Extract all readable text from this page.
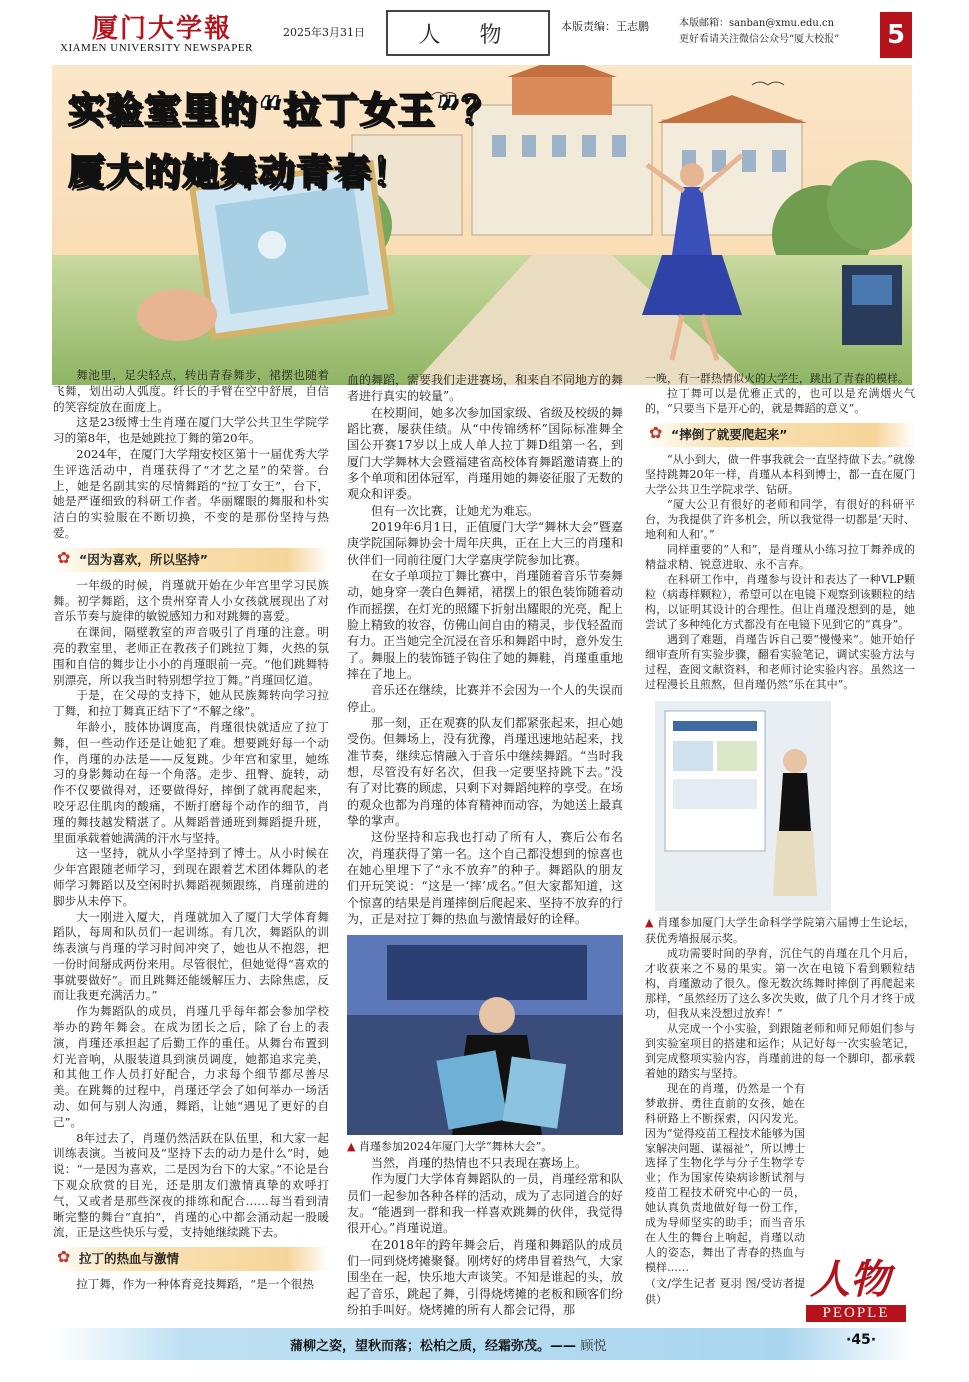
厦门大学報
XIAMEN UNIVERSITY NEWSPAPER
2025年3月31日	人 物	本版责编：王志鹏	本版邮箱：sanban@xmu.edu.cn
更好看请关注微信公众号“厦大校报” 5
实验室里的“拉丁女王”？
厦大的她舞动青春！

舞池里，足尖轻点，转出青春舞步，裙摆也随着飞舞，划出动人弧度。纤长的手臂在空中舒展，自信的笑容绽放在面庞上。

这是23级博士生肖瑾在厦门大学公共卫生学院学习的第8年，也是她跳拉丁舞的第20年。

2024年，在厦门大学翔安校区第十一届优秀大学生评选活动中，肖瑾获得了“才艺之星”的荣誉。台上，她是名副其实的尽情舞蹈的“拉丁女王”，台下，她是严谨细致的科研工作者。华丽耀眼的舞服和朴实洁白的实验服在不断切换，不变的是那份坚持与热爱。

✿ “因为喜欢，所以坚持”

一年级的时候，肖瑾就开始在少年宫里学习民族舞。初学舞蹈，这个贵州穿青人小女孩就展现出了对音乐节奏与旋律的敏锐感知力和对跳舞的喜爱。

在课间，隔壁教室的声音吸引了肖瑾的注意。明亮的教室里，老师正在教孩子们跳拉丁舞，火热的氛围和自信的舞步让小小的肖瑾眼前一亮。“他们跳舞特别漂亮，所以我当时特别想学拉丁舞。”肖瑾回忆道。

于是，在父母的支持下，她从民族舞转向学习拉丁舞，和拉丁舞真正结下了“不解之缘”。

年龄小，肢体协调度高，肖瑾很快就适应了拉丁舞，但一些动作还是让她犯了难。想要跳好每一个动作，肖瑾的办法是——反复跳。少年宫和家里，她练习的身影舞动在每一个角落。走步、扭臀、旋转，动作不仅要做得对，还要做得好，摔倒了就再爬起来，咬牙忍住肌肉的酸痛，不断打磨每个动作的细节，肖瑾的舞技越发精湛了。从舞蹈普通班到舞蹈提升班，里面承载着她满满的汗水与坚持。

这一坚持，就从小学坚持到了博士。从小时候在少年宫跟随老师学习，到现在跟着艺术团体舞队的老师学习舞蹈以及空闲时扒舞蹈视频跟练，肖瑾前进的脚步从未停下。

大一刚进入厦大，肖瑾就加入了厦门大学体育舞蹈队，每周和队员们一起训练。有几次，舞蹈队的训练表演与肖瑾的学习时间冲突了，她也从不抱怨，把一份时间掰成两份来用。尽管很忙，但她觉得“喜欢的事就要做好”。而且跳舞还能缓解压力、去除焦虑，反而让我更充满活力。”

作为舞蹈队的成员，肖瑾几乎每年都会参加学校举办的跨年舞会。在成为团长之后，除了台上的表演，肖瑾还承担起了后勤工作的重任。从舞台布置到灯光音响，从服装道具到演员调度，她都追求完美，和其他工作人员打好配合，力求每个细节都尽善尽美。在跳舞的过程中，肖瑾还学会了如何举办一场活动、如何与别人沟通，舞蹈，让她“遇见了更好的自己”。

8年过去了，肖瑾仍然活跃在队伍里，和大家一起训练表演。当被问及“坚持下去的动力是什么”时，她说：“一是因为喜欢，二是因为台下的大家。”不论是台下观众欣赏的目光，还是朋友们激情真挚的欢呼打气，又或者是那些深夜的排练和配合……每当看到清晰完整的舞台“直拍”，肖瑾的心中都会涌动起一股暖流，正是这些快乐与爱，支持她继续跳下去。

✿ 拉丁的热血与激情

拉丁舞，作为一种体育竞技舞蹈，“是一个很热

血的舞蹈，需要我们走进赛场，和来自不同地方的舞者进行真实的较量”。

在校期间，她多次参加国家级、省级及校级的舞蹈比赛，屡获佳绩。从“中传锦绣杯”国际标准舞全国公开赛17岁以上成人单人拉丁舞D组第一名，到厦门大学舞林大会暨福建省高校体育舞蹈邀请赛上的多个单项和团体冠军，肖瑾用她的舞姿征服了无数的观众和评委。

但有一次比赛，让她尤为难忘。

2019年6月1日，正值厦门大学“舞林大会”暨嘉庚学院国际舞协会十周年庆典，正在上大三的肖瑾和伙伴们一同前往厦门大学嘉庚学院参加比赛。

在女子单项拉丁舞比赛中，肖瑾随着音乐节奏舞动，她身穿一袭白色舞裙，裙摆上的银色装饰随着动作而摇摆，在灯光的照耀下折射出耀眼的光亮，配上脸上精致的妆容，仿佛山间自由的精灵，步伐轻盈而有力。正当她完全沉浸在音乐和舞蹈中时，意外发生了。舞服上的装饰链子钩住了她的舞鞋，肖瑾重重地摔在了地上。

音乐还在继续，比赛并不会因为一个人的失误而停止。

那一刻，正在观赛的队友们都紧张起来，担心她受伤。但舞场上，没有犹豫，肖瑾迅速地站起来，找准节奏，继续忘情融入于音乐中继续舞蹈。“当时我想，尽管没有好名次，但我一定要坚持跳下去。”没有了对比赛的顾虑，只剩下对舞蹈纯粹的享受。在场的观众也都为肖瑾的体育精神而动容，为她送上最真挚的掌声。

这份坚持和忘我也打动了所有人，赛后公布名次，肖瑾获得了第一名。这个自己都没想到的惊喜也在她心里埋下了“永不放弃”的种子。舞蹈队的朋友们开玩笑说：“这是一‘摔’成名。”但大家都知道，这个惊喜的结果是肖瑾摔倒后爬起来、坚持不放弃的行为，正是对拉丁舞的热血与激情最好的诠释。

▲ 肖瑾参加2024年厦门大学“舞林大会”。

当然，肖瑾的热情也不只表现在赛场上。

作为厦门大学体育舞蹈队的一员，肖瑾经常和队员们一起参加各种各样的活动，成为了志同道合的好友。“能遇到一群和我一样喜欢跳舞的伙伴，我觉得很开心。”肖瑾说道。

在2018年的跨年舞会后，肖瑾和舞蹈队的成员们一同到烧烤摊聚餐。刚烤好的烤串冒着热气，大家围坐在一起，快乐地大声谈笑。不知是谁起的头，放起了音乐，跳起了舞，引得烧烤摊的老板和顾客们纷纷拍手叫好。烧烤摊的所有人都会记得，那

一晚，有一群热情似火的大学生，跳出了青春的模样。

拉丁舞可以是优雅正式的，也可以是充满烟火气的，“只要当下是开心的，就是舞蹈的意义”。

✿ “摔倒了就要爬起来”

“从小到大，做一件事我就会一直坚持做下去。”就像坚持跳舞20年一样，肖瑾从本科到博士，都一直在厦门大学公共卫生学院求学、钻研。

“厦大公卫有很好的老师和同学，有很好的科研平台，为我提供了许多机会，所以我觉得一切都是‘天时、地利和人和’。”

同样重要的“人和”，是肖瑾从小练习拉丁舞养成的精益求精、锐意进取、永不言弃。

在科研工作中，肖瑾参与设计和表达了一种VLP颗粒（病毒样颗粒），希望可以在电镜下观察到该颗粒的结构，以证明其设计的合理性。但让肖瑾没想到的是，她尝试了多种纯化方式都没有在电镜下见到它的“真身”。

遇到了难题，肖瑾告诉自己要“慢慢来”。她开始仔细审查所有实验步骤，翻看实验笔记，调试实验方法与过程，查阅文献资料，和老师讨论实验内容。虽然这一过程漫长且煎熬，但肖瑾仍然“乐在其中”。

▲ 肖瑾参加厦门大学生命科学学院第六届博士生论坛，获优秀墙报展示奖。

成功需要时间的孕育，沉住气的肖瑾在几个月后，才收获来之不易的果实。第一次在电镜下看到颗粒结构，肖瑾激动了很久。像无数次练舞时摔倒了再爬起来那样，“虽然经历了这么多次失败，做了几个月才终于成功，但我从来没想过放弃！”

从完成一个小实验，到跟随老师和师兄师姐们参与到实验室项目的搭建和运作；从记好每一次实验笔记，到完成整项实验内容，肖瑾前进的每一个脚印，都承载着她的踏实与坚持。

现在的肖瑾，仍然是一个有梦敢拼、勇往直前的女孩，她在科研路上不断探索，闪闪发光。因为“觉得疫苗工程技术能够为国家解决问题、谋福祉”，所以博士选择了生物化学与分子生物学专业；作为国家传染病诊断试剂与疫苗工程技术研究中心的一员，她认真负责地做好每一份工作，成为导师坚实的助手；而当音乐在人生的舞台上响起，肖瑾以动人的姿态，舞出了青春的热血与模样……

（文/学生记者 夏羽 图/受访者提供）	人物
PEOPLE
蒲柳之姿，望秋而落；松柏之质，经霜弥茂。—— 顾悦	·45·
